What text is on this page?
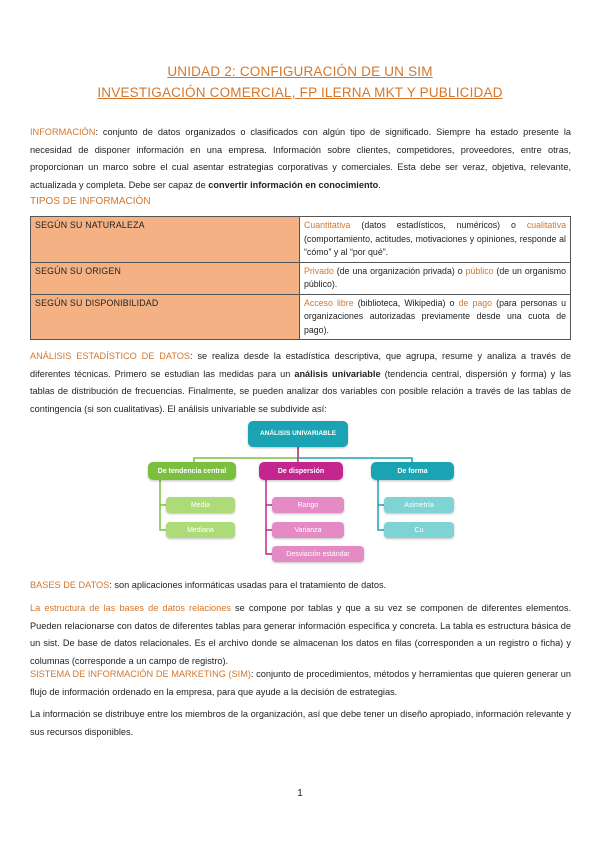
UNIDAD 2: CONFIGURACIÓN DE UN SIM
INVESTIGACIÓN COMERCIAL, FP ILERNA MKT Y PUBLICIDAD
INFORMACIÓN: conjunto de datos organizados o clasificados con algún tipo de significado. Siempre ha estado presente la necesidad de disponer información en una empresa. Información sobre clientes, competidores, proveedores, entre otras, proporcionan un marco sobre el cual asentar estrategias corporativas y comerciales. Esta debe ser veraz, objetiva, relevante, actualizada y completa. Debe ser capaz de convertir información en conocimiento.
TIPOS DE INFORMACIÓN
SEGÚN SU NATURALEZA	Cuantitativa (datos estadísticos, numéricos) o cualitativa (comportamiento, actitudes, motivaciones y opiniones, responde al “cómo” y al “por qué”.
SEGÚN SU ORIGEN	Privado (de una organización privada) o público (de un organismo público).
SEGÚN SU DISPONIBILIDAD	Acceso libre (biblioteca, Wikipedia) o de pago (para personas u organizaciones autorizadas previamente desde una cuota de pago).
ANÁLISIS ESTADÍSTICO DE DATOS: se realiza desde la estadística descriptiva, que agrupa, resume y analiza a través de diferentes técnicas. Primero se estudian las medidas para un análisis univariable (tendencia central, dispersión y forma) y las tablas de distribución de frecuencias. Finalmente, se pueden analizar dos variables con posible relación a través de las tablas de contingencia (si son cualitativas). El análisis univariable se subdivide así:
ANÁLISIS UNIVARIABLE
De tendencia central	De dispersión	De forma
Media
Mediana
Rango
Varianza
Desviación estándar
Asimetría
Cu
BASES DE DATOS: son aplicaciones informáticas usadas para el tratamiento de datos.
La estructura de las bases de datos relaciones se compone por tablas y que a su vez se componen de diferentes elementos. Pueden relacionarse con datos de diferentes tablas para generar información específica y concreta. La tabla es estructura básica de un sist. De base de datos relacionales. Es el archivo donde se almacenan los datos en filas (corresponden a un registro o ficha) y columnas (corresponde a un campo de registro).
SISTEMA DE INFORMACIÓN DE MARKETING (SIM): conjunto de procedimientos, métodos y herramientas que quieren generar un flujo de información ordenado en la empresa, para que ayude a la decisión de estrategias.
La información se distribuye entre los miembros de la organización, así que debe tener un diseño apropiado, información relevante y sus recursos disponibles.
1
